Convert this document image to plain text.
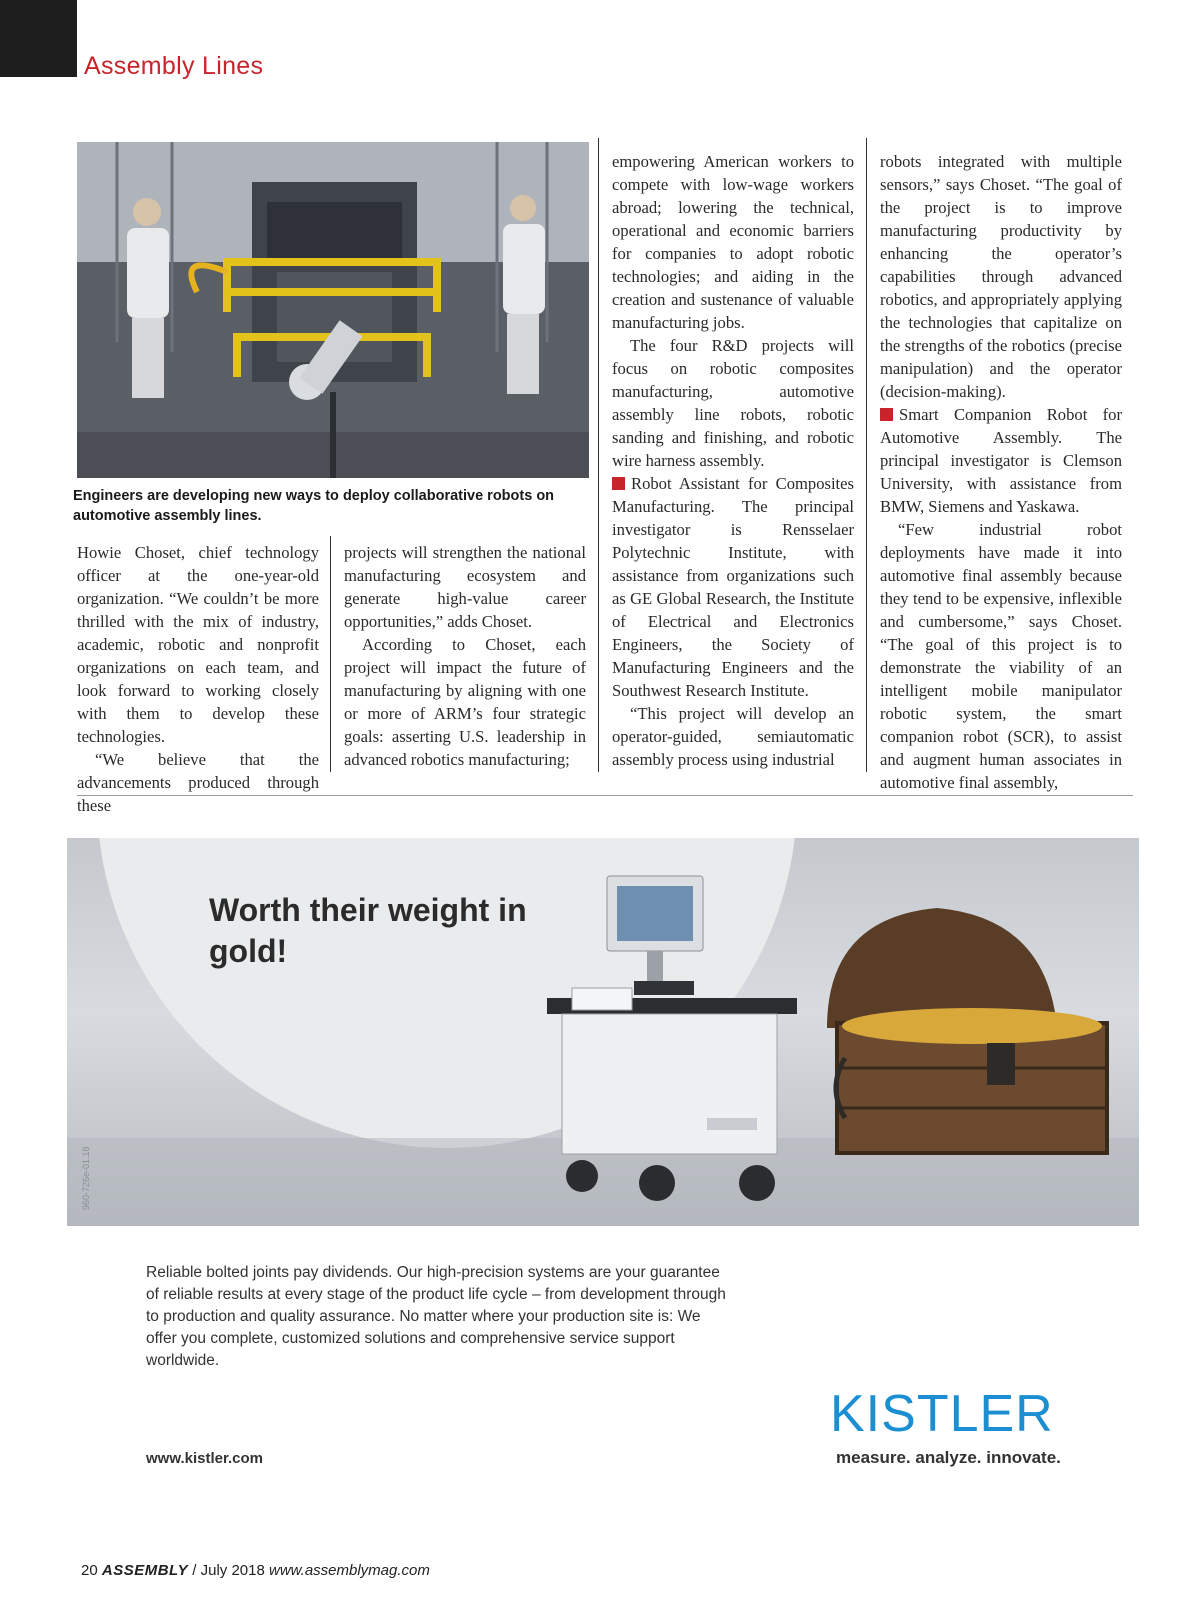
Assembly Lines
Engineers are developing new ways to deploy collaborative robots on automotive assembly lines.

Howie Choset, chief technology officer at the one-year-old organization. “We couldn’t be more thrilled with the mix of industry, academic, robotic and nonprofit organizations on each team, and look forward to working closely with them to develop these technologies.

“We believe that the advancements produced through these

projects will strengthen the national manufacturing ecosystem and generate high-value career opportunities,” adds Choset.

According to Choset, each project will impact the future of manufacturing by aligning with one or more of ARM’s four strategic goals: asserting U.S. leadership in advanced robotics manufacturing;

empowering American workers to compete with low-wage workers abroad; lowering the technical, operational and economic barriers for companies to adopt robotic technologies; and aiding in the creation and sustenance of valuable manufacturing jobs.

The four R&D projects will focus on robotic composites manufacturing, automotive assembly line robots, robotic sanding and finishing, and robotic wire harness assembly.

Robot Assistant for Composites Manufacturing. The principal investigator is Rensselaer Polytechnic Institute, with assistance from organizations such as GE Global Research, the Institute of Electrical and Electronics Engineers, the Society of Manufacturing Engineers and the Southwest Research Institute.

“This project will develop an operator-guided, semiautomatic assembly process using industrial

robots integrated with multiple sensors,” says Choset. “The goal of the project is to improve manufacturing productivity by enhancing the operator’s capabilities through advanced robotics, and appropriately applying the technologies that capitalize on the strengths of the robotics (precise manipulation) and the operator (decision-making).

Smart Companion Robot for Automotive Assembly. The principal investigator is Clemson University, with assistance from BMW, Siemens and Yaskawa.

“Few industrial robot deployments have made it into automotive final assembly because they tend to be expensive, inflexible and cumbersome,” says Choset. “The goal of this project is to demonstrate the viability of an intelligent mobile manipulator robotic system, the smart companion robot (SCR), to assist and augment human associates in automotive final assembly,

Worth their weight in gold!
960-726e-01.18
Reliable bolted joints pay dividends. Our high-precision systems are your guarantee of reliable results at every stage of the product life cycle – from development through to production and quality assurance. No matter where your production site is: We offer you complete, customized solutions and comprehensive service support worldwide.
www.kistler.com
KISTLER
measure. analyze. innovate.
20 ASSEMBLY / July 2018 www.assemblymag.com
